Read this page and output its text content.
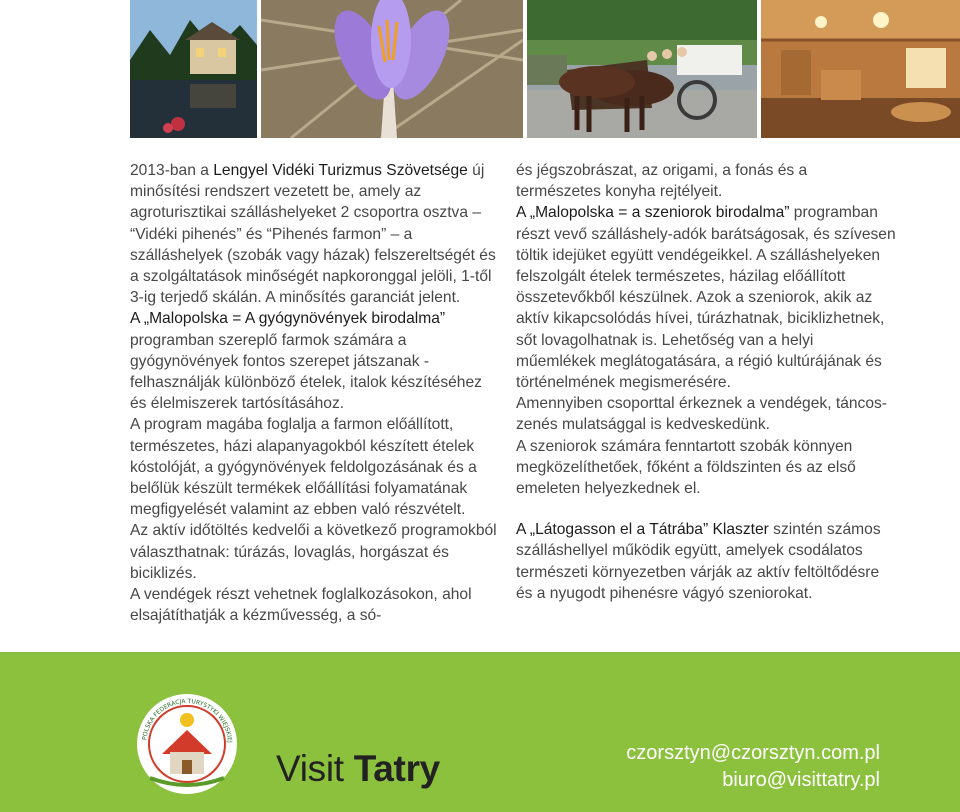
2013-ban a Lengyel Vidéki Turizmus Szövetsége új minősítési rendszert vezetett be, amely az agroturisztikai szálláshelyeket 2 csoportra osztva – “Vidéki pihenés” és “Pihenés farmon” – a szálláshelyek (szobák vagy házak) felszereltségét és a szolgáltatások minőségét napkoronggal jelöli, 1-től 3-ig terjedő skálán. A minősítés garanciát jelent.

A „Malopolska = A gyógynövények birodalma” programban szereplő farmok számára a gyógynövények fontos szerepet játszanak - felhasználják különböző ételek, italok készítéséhez és élelmiszerek tartósításához.

A program magába foglalja a farmon előállított, természetes, házi alapanyagokból készített ételek kóstolóját, a gyógynövények feldolgozásának és a belőlük készült termékek előállítási folyamatának megfigyelését valamint az ebben való részvételt.

Az aktív időtöltés kedvelői a következő programokból választhatnak: túrázás, lovaglás, horgászat és biciklizés.

A vendégek részt vehetnek foglalkozásokon, ahol elsajátíthatják a kézművesség, a só-

és jégszobrászat, az origami, a fonás és a természetes konyha rejtélyeit.

A „Malopolska = a szeniorok birodalma” programban részt vevő szálláshely-adók barátságosak, és szívesen töltik idejüket együtt vendégeikkel. A szálláshelyeken felszolgált ételek természetes, házilag előállított összetevőkből készülnek. Azok a szeniorok, akik az aktív kikapcsolódás hívei, túrázhatnak, biciklizhetnek, sőt lovagolhatnak is. Lehetőség van a helyi műemlékek meglátogatására, a régió kultúrájának és történelmének megismerésére.

Amennyiben csoporttal érkeznek a vendégek, táncos-zenés mulatsággal is kedveskedünk.

A szeniorok számára fenntartott szobák könnyen megközelíthetőek, főként a földszinten és az első emeleten helyezkednek el.

A „Látogasson el a Tátrába” Klaszter szintén számos szálláshellyel működik együtt, amelyek csodálatos természeti környezetben várják az aktív feltöltődésre és a nyugodt pihenésre vágyó szeniorokat.

POLSKA FEDERACJA TURYSTYKI WIEJSKIEJ
Visit Tatry	czorsztyn@czorsztyn.com.pl
biuro@visittatry.pl
